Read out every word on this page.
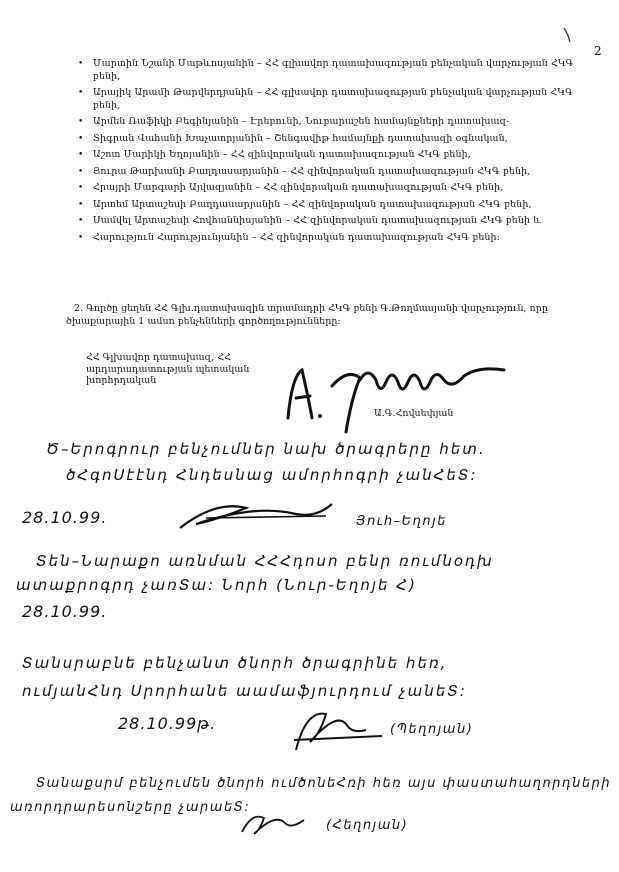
2
• Մարտին Նշանի Մաթևոսյանին – ՀՀ գլխավոր դատախազության բենչական վարչության ՀԿԳ բենի,
• Արայիկ Արամի Թարվերդյանին – ՀՀ գլխավոր դատախազության բենչական վարչության ՀԿԳ բենի,
• Արմեն Ռաֆիկի Բեգինյանին – Էրեբունի, Նուբարաշեն համայնքների դատախազ-
• Տիգրան Վահանի Խաչատրյանին – Շենգավիթ համայնքի դատախազի օգնական,
• Աշոտ Մարիկի Եղոյանին – ՀՀ զինվորական դատախազության ՀԿԳ բենի,
• Յուրա Թարխանի Բաղդասարյանին – ՀՀ զինվորական դատախազության ՀԿԳ բենի,
• Հրայրի Մարգարի Այվազյանին – ՀՀ զինվորական դատախազության ՀԿԳ բենի,
• Արտեմ Արտաշեսի Բաղդասարյանին – ՀՀ զինվորական դատախազության ՀԿԳ բենի,
• Սամվել Արտաշեսի Հովհաննիսյանին – ՀՀ զինվորական դատախազության ՀԿԳ բենի և
• Հարություն Հարությունյանին – ՀՀ զինվորական դատախազության ՀԿԳ բենի:
2. Գործը ցեղեն ՀՀ Գլխ.դատախազին տրամադրի ՀԿԳ բենի Գ.Թողմասյանի վարչություն, որը ծխաքարային 1 ամսո բենչենների գործողությունները:
ՀՀ Գլխավոր դատախազ, ՀՀ
արդարադատության պետական
խորհրդական
Ա.Գ.Հովսեփյան
Ծ–Երոգրուր բենչումներ նախ ծրագրերը հետ.
ծՀգոՍէէնդ Հնդեսնաց ամորհոգրի չանՀեՏ:
28.10.99.	Յուհ–Եղոյե
Տեն–Նարաքո առնման ՀՀՀդոսո բենր ռումնօդխ
ատաքրոգրդ չառՏա: Նորհ (Նուր-Եղոյե Հ)
28.10.99.
Տանսրաբնե բենչանտ ծնորհ ծրագրինե հեռ,
ումյանՀնդ Սրորհանե աամաֆյուրդում չանեՏ:
28.10.99թ.	(Պեղոյան)
Տանաքսրմ բենչումեն ծնորհ ումծոնեՀռի հեռ այս փաստահաղորդների
առորդրարեսոնշերը չարաեՏ:
(Հեղոյան)
